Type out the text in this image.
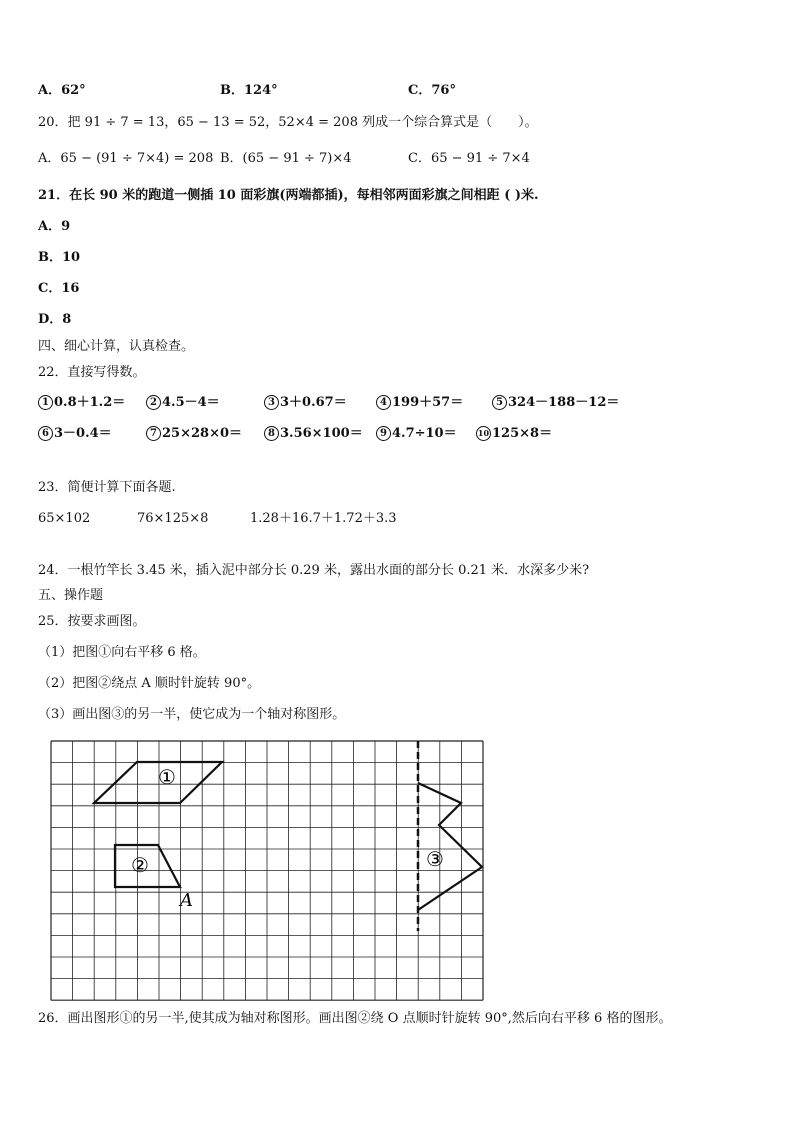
A．62°	B．124°	C．76°
20．把 91 ÷ 7 = 13，65 − 13 = 52，52×4 = 208 列成一个综合算式是（　　）。
A．65 − (91 ÷ 7×4) = 208 B．(65 − 91 ÷ 7)×4	C．65 − 91 ÷ 7×4
21．在长 90 米的跑道一侧插 10 面彩旗(两端都插)，每相邻两面彩旗之间相距 ( )米.
A．9
B．10
C．16
D．8
四、细心计算，认真检查。
22．直接写得数。
1 0.8＋1.2＝	2 4.5－4＝	3 3＋0.67＝	4 199＋57＝	5 324－188－12＝
6 3－0.4＝	7 25×28×0＝	8 3.56×100＝	9 4.7÷10＝	10 125×8＝
23．简便计算下面各题.
65×102	76×125×8	1.28＋16.7＋1.72＋3.3
24．一根竹竿长 3.45 米，插入泥中部分长 0.29 米，露出水面的部分长 0.21 米．水深多少米?
五、操作题
25．按要求画图。
（1）把图①向右平移 6 格。
（2）把图②绕点 A 顺时针旋转 90°。
（3）画出图③的另一半，使它成为一个轴对称图形。
①
②
A
③
26．画出图形①的另一半,使其成为轴对称图形。画出图②绕 O 点顺时针旋转 90°,然后向右平移 6 格的图形。
